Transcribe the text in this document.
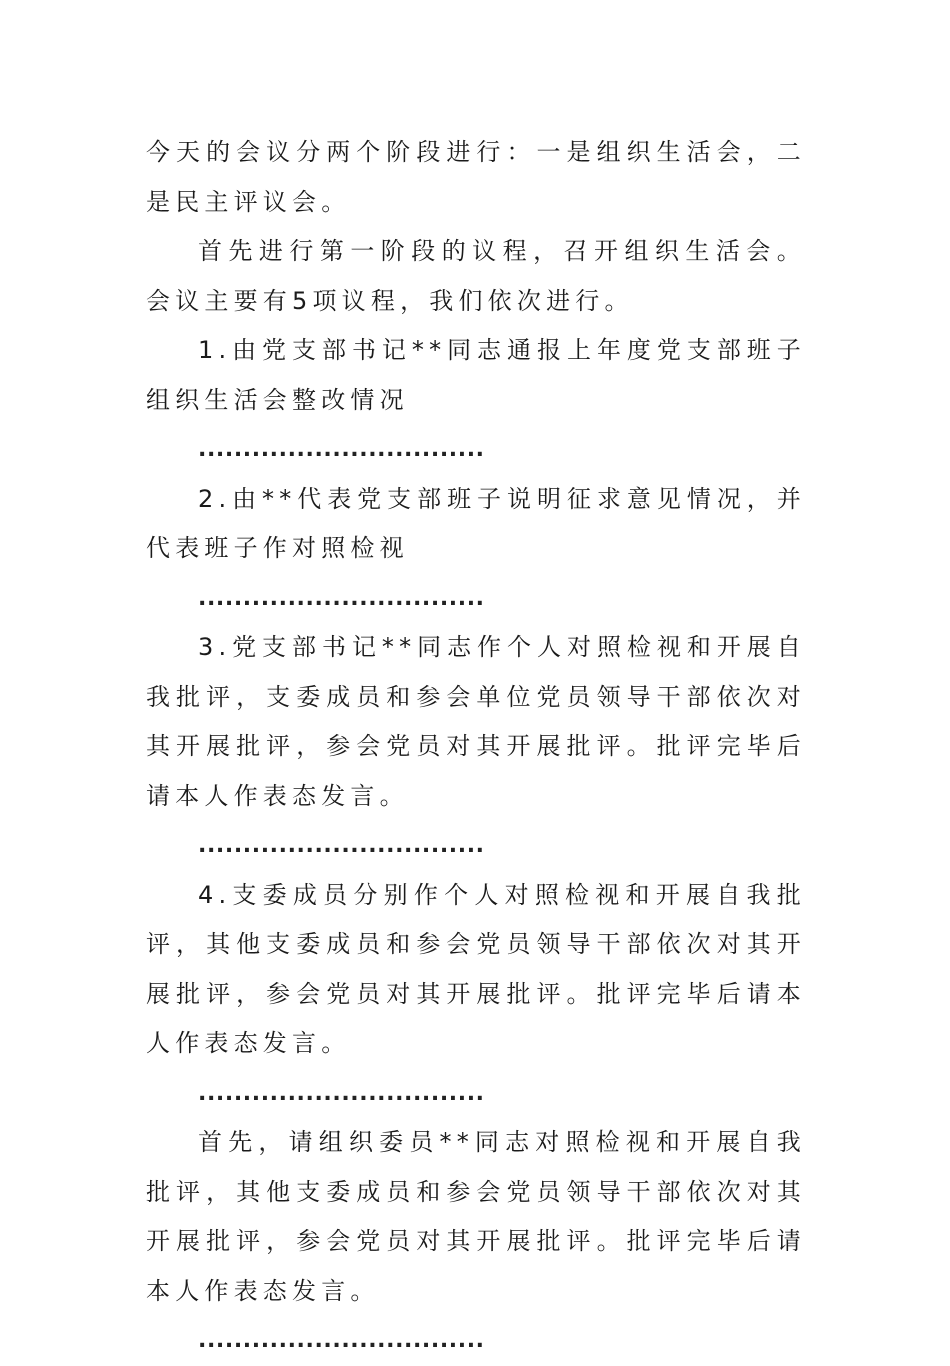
今天的会议分两个阶段进行：一是组织生活会，二是民主评议会。

首先进行第一阶段的议程，召开组织生活会。会议主要有5项议程，我们依次进行。

1.由党支部书记**同志通报上年度党支部班子组织生活会整改情况

................................

2.由**代表党支部班子说明征求意见情况，并代表班子作对照检视

................................

3.党支部书记**同志作个人对照检视和开展自我批评，支委成员和参会单位党员领导干部依次对其开展批评，参会党员对其开展批评。批评完毕后请本人作表态发言。

................................

4.支委成员分别作个人对照检视和开展自我批评，其他支委成员和参会党员领导干部依次对其开展批评，参会党员对其开展批评。批评完毕后请本人作表态发言。

................................

首先，请组织委员**同志对照检视和开展自我批评，其他支委成员和参会党员领导干部依次对其开展批评，参会党员对其开展批评。批评完毕后请本人作表态发言。

................................
